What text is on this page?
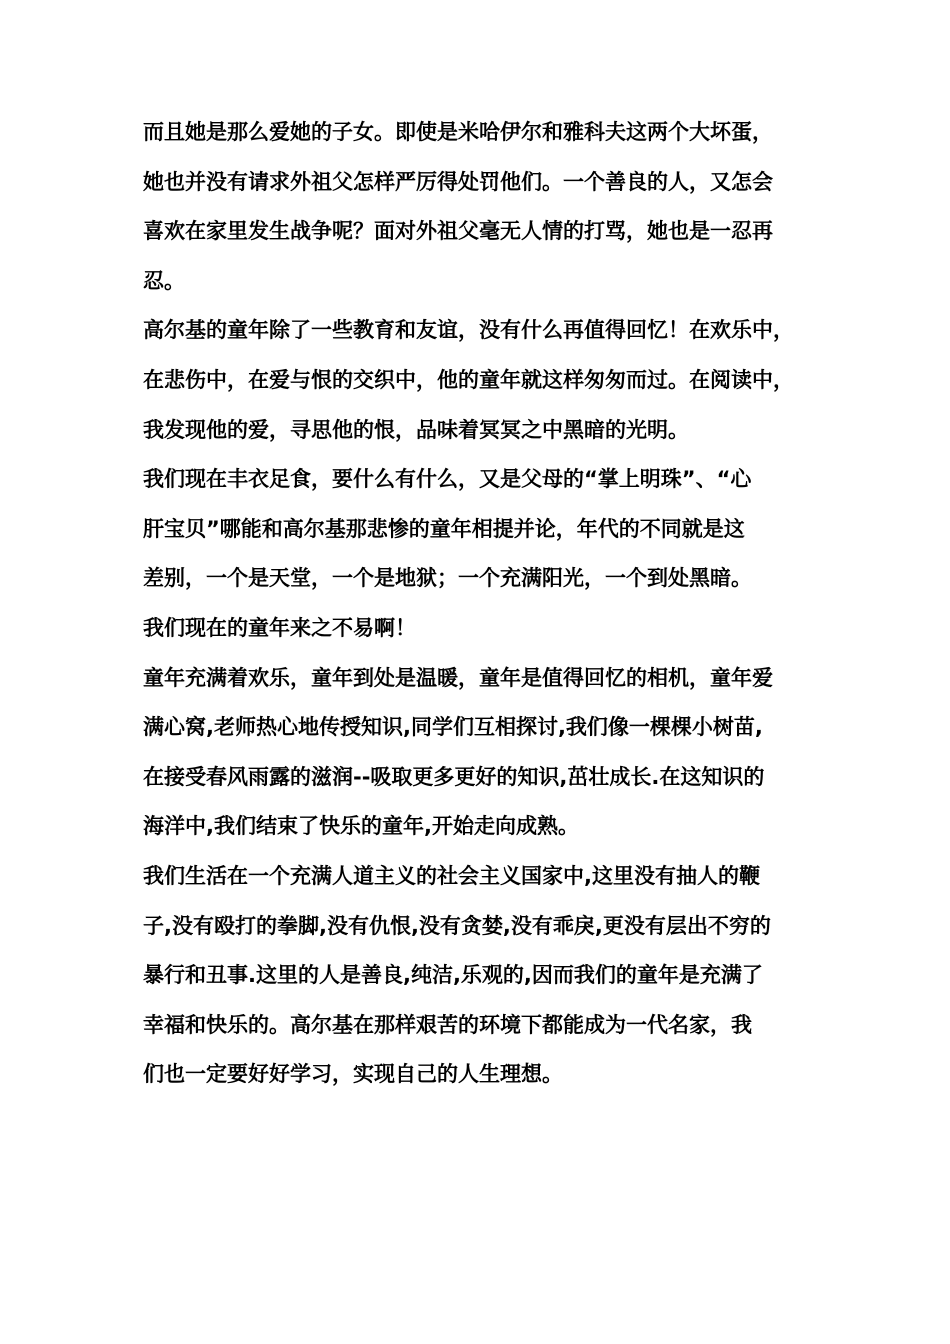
而且她是那么爱她的子女。即使是米哈伊尔和雅科夫这两个大坏蛋，
她也并没有请求外祖父怎样严厉得处罚他们。一个善良的人，又怎会
喜欢在家里发生战争呢？面对外祖父毫无人情的打骂，她也是一忍再
忍。
高尔基的童年除了一些教育和友谊，没有什么再值得回忆！在欢乐中，
在悲伤中，在爱与恨的交织中，他的童年就这样匆匆而过。在阅读中，
我发现他的爱，寻思他的恨，品味着冥冥之中黑暗的光明。
我们现在丰衣足食，要什么有什么，又是父母的“掌上明珠”、“心
肝宝贝”哪能和高尔基那悲惨的童年相提并论，年代的不同就是这
差别，一个是天堂，一个是地狱；一个充满阳光，一个到处黑暗。
我们现在的童年来之不易啊！
童年充满着欢乐，童年到处是温暖，童年是值得回忆的相机，童年爱
满心窝,老师热心地传授知识,同学们互相探讨,我们像一棵棵小树苗,
在接受春风雨露的滋润--吸取更多更好的知识,茁壮成长.在这知识的
海洋中,我们结束了快乐的童年,开始走向成熟。
我们生活在一个充满人道主义的社会主义国家中,这里没有抽人的鞭
子,没有殴打的拳脚,没有仇恨,没有贪婪,没有乖戾,更没有层出不穷的
暴行和丑事.这里的人是善良,纯洁,乐观的,因而我们的童年是充满了
幸福和快乐的。高尔基在那样艰苦的环境下都能成为一代名家，我
们也一定要好好学习，实现自己的人生理想。
